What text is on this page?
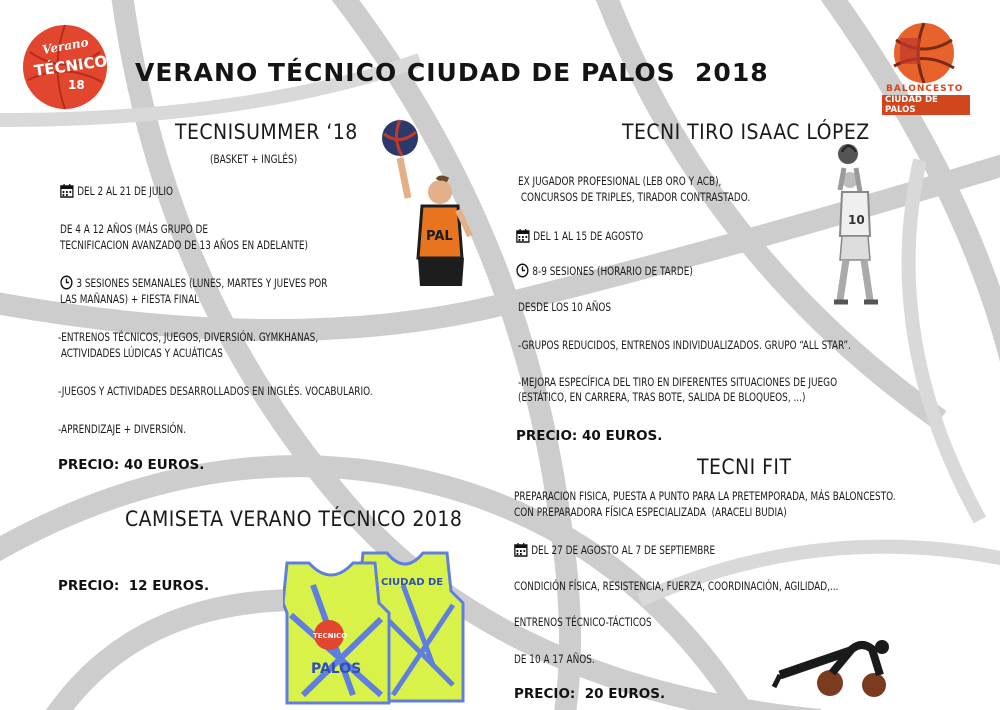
Verano
TÉCNICO
18	BALONCESTO
CIUDAD DE PALOS
VERANO TÉCNICO CIUDAD DE PALOS  2018
TECNISUMMER ‘18
(BASKET + INGLÉS)
DEL 2 AL 21 DE JULIO
DE 4 A 12 AÑOS (MÁS GRUPO DE
TECNIFICACION AVANZADO DE 13 AÑOS EN ADELANTE)
3 SESIONES SEMANALES (LUNES, MARTES Y JUEVES POR
LAS MAÑANAS) + FIESTA FINAL
-ENTRENOS TÉCNICOS, JUEGOS, DIVERSIÓN. GYMKHANAS,
ACTIVIDADES LÚDICAS Y ACUÁTICAS
-JUEGOS Y ACTIVIDADES DESARROLLADOS EN INGLÉS. VOCABULARIO.
-APRENDIZAJE + DIVERSIÓN.
PRECIO: 40 EUROS.
PAL
CAMISETA VERANO TÉCNICO 2018
PRECIO:  12 EUROS.	CIUDAD DE
TECNICO
PALOS
TECNI TIRO ISAAC LÓPEZ
EX JUGADOR PROFESIONAL (LEB ORO Y ACB),
CONCURSOS DE TRIPLES, TIRADOR CONTRASTADO.
DEL 1 AL 15 DE AGOSTO
8-9 SESIONES (HORARIO DE TARDE)
DESDE LOS 10 AÑOS
-GRUPOS REDUCIDOS, ENTRENOS INDIVIDUALIZADOS. GRUPO “ALL STAR”.
-MEJORA ESPECÍFICA DEL TIRO EN DIFERENTES SITUACIONES DE JUEGO
(ESTÁTICO, EN CARRERA, TRAS BOTE, SALIDA DE BLOQUEOS, ...)
PRECIO: 40 EUROS.
10
TECNI FIT
PREPARACION FISICA, PUESTA A PUNTO PARA LA PRETEMPORADA, MÁS BALONCESTO.
CON PREPARADORA FÍSICA ESPECIALIZADA  (ARACELI BUDIA)
DEL 27 DE AGOSTO AL 7 DE SEPTIEMBRE
CONDICIÓN FÍSICA, RESISTENCIA, FUERZA, COORDINACIÓN, AGILIDAD,...
ENTRENOS TÉCNICO-TÁCTICOS
DE 10 A 17 AÑOS.
PRECIO:  20 EUROS.
